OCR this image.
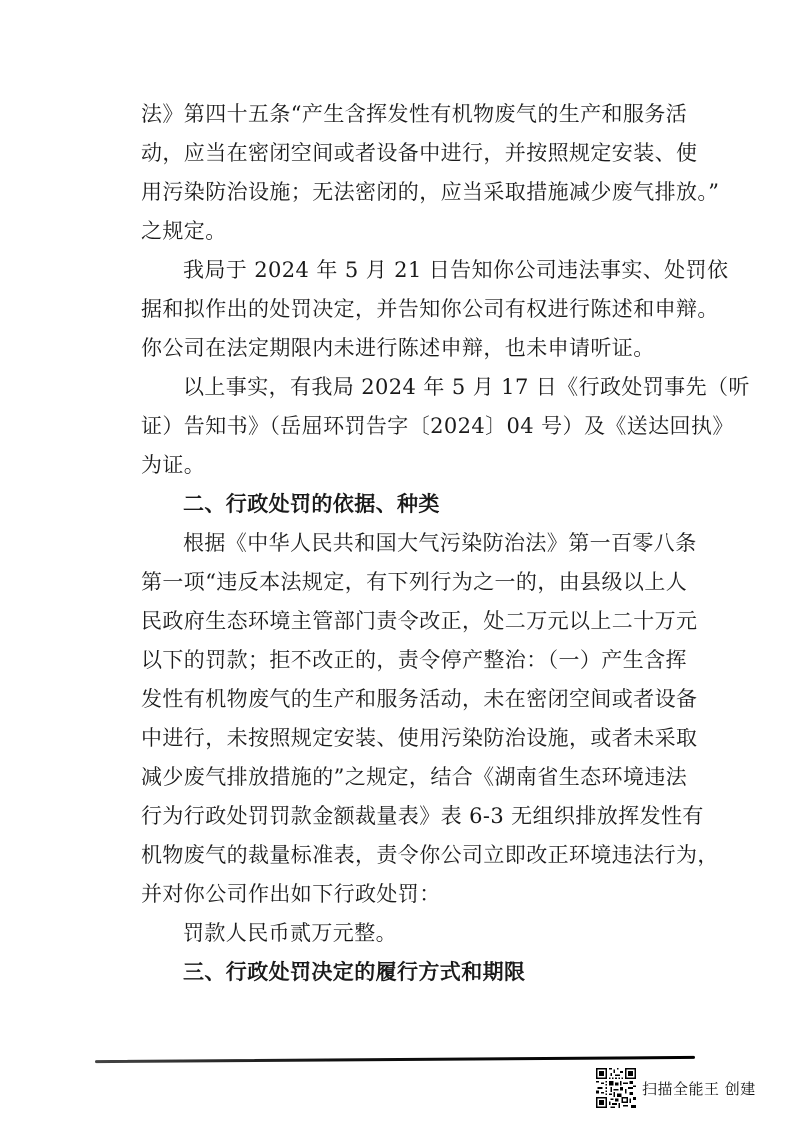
法》第四十五条“产生含挥发性有机物废气的生产和服务活
动，应当在密闭空间或者设备中进行，并按照规定安装、使
用污染防治设施；无法密闭的，应当采取措施减少废气排放。”
之规定。
我局于 2024 年 5 月 21 日告知你公司违法事实、处罚依
据和拟作出的处罚决定，并告知你公司有权进行陈述和申辩。
你公司在法定期限内未进行陈述申辩，也未申请听证。
以上事实，有我局 2024 年 5 月 17 日《行政处罚事先（听
证）告知书》（岳屈环罚告字〔2024〕04 号）及《送达回执》
为证。
二、行政处罚的依据、种类
根据《中华人民共和国大气污染防治法》第一百零八条
第一项“违反本法规定，有下列行为之一的，由县级以上人
民政府生态环境主管部门责令改正，处二万元以上二十万元
以下的罚款；拒不改正的，责令停产整治：（一）产生含挥
发性有机物废气的生产和服务活动，未在密闭空间或者设备
中进行，未按照规定安装、使用污染防治设施，或者未采取
减少废气排放措施的”之规定，结合《湖南省生态环境违法
行为行政处罚罚款金额裁量表》表 6-3 无组织排放挥发性有
机物废气的裁量标准表，责令你公司立即改正环境违法行为，
并对你公司作出如下行政处罚：
罚款人民币贰万元整。
三、行政处罚决定的履行方式和期限
扫描全能王 创建
